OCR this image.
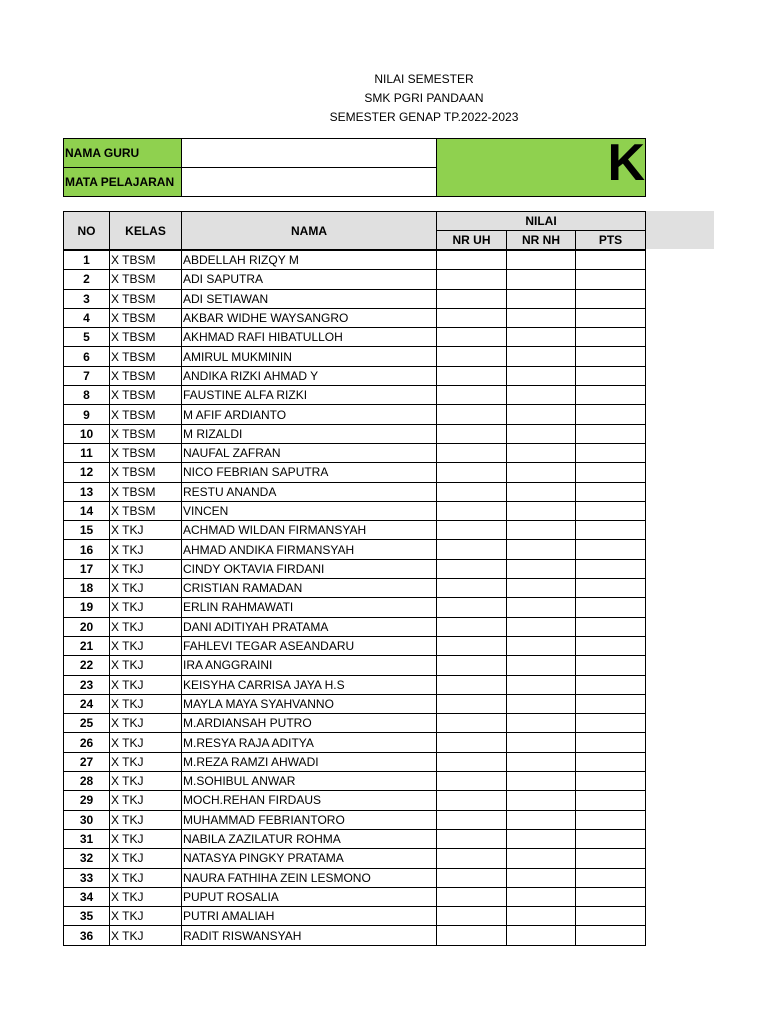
NILAI SEMESTER
SMK PGRI PANDAAN
SEMESTER GENAP TP.2022-2023
NAMA GURU		K

MATA PELAJARAN		
NO	KELAS	NAMA	NILAI		
			NR UH	NR NH	PTS
1	X TBSM	ABDELLAH RIZQY M			
2	X TBSM	ADI SAPUTRA			
3	X TBSM	ADI SETIAWAN			
4	X TBSM	AKBAR WIDHE WAYSANGRO			
5	X TBSM	AKHMAD RAFI HIBATULLOH			
6	X TBSM	AMIRUL MUKMININ			
7	X TBSM	ANDIKA RIZKI AHMAD Y			
8	X TBSM	FAUSTINE ALFA RIZKI			
9	X TBSM	M AFIF ARDIANTO			
10	X TBSM	M RIZALDI			
11	X TBSM	NAUFAL ZAFRAN			
12	X TBSM	NICO FEBRIAN SAPUTRA			
13	X TBSM	RESTU ANANDA			
14	X TBSM	VINCEN			
15	X TKJ	ACHMAD WILDAN FIRMANSYAH			
16	X TKJ	AHMAD ANDIKA FIRMANSYAH			
17	X TKJ	CINDY OKTAVIA FIRDANI			
18	X TKJ	CRISTIAN RAMADAN			
19	X TKJ	ERLIN RAHMAWATI			
20	X TKJ	DANI ADITIYAH PRATAMA			
21	X TKJ	FAHLEVI TEGAR ASEANDARU			
22	X TKJ	IRA ANGGRAINI			
23	X TKJ	KEISYHA CARRISA JAYA H.S			
24	X TKJ	MAYLA MAYA SYAHVANNO			
25	X TKJ	M.ARDIANSAH PUTRO			
26	X TKJ	M.RESYA RAJA ADITYA			
27	X TKJ	M.REZA RAMZI AHWADI			
28	X TKJ	M.SOHIBUL ANWAR			
29	X TKJ	MOCH.REHAN FIRDAUS			
30	X TKJ	MUHAMMAD FEBRIANTORO			
31	X TKJ	NABILA ZAZILATUR ROHMA			
32	X TKJ	NATASYA PINGKY PRATAMA			
33	X TKJ	NAURA FATHIHA ZEIN LESMONO			
34	X TKJ	PUPUT ROSALIA			
35	X TKJ	PUTRI AMALIAH			
36	X TKJ	RADIT RISWANSYAH			
